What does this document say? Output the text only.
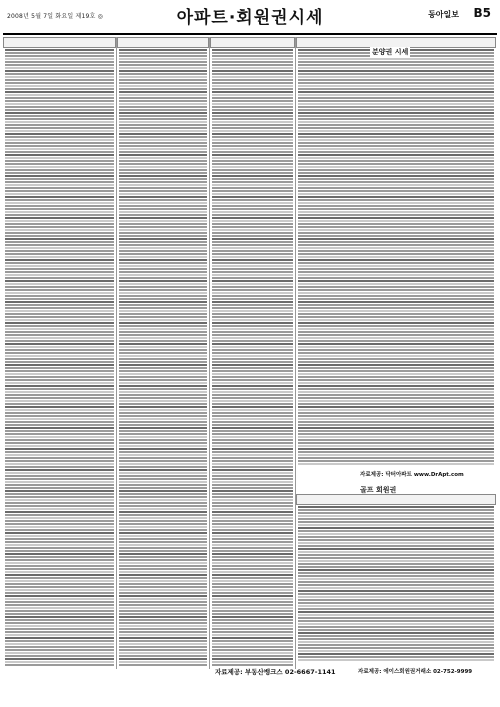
2008년 5월 7일 화요일 제19호 ◎	아파트·회원권시세	동아일보 B5
분양권 시세
골프 회원권
자료제공: 부동산뱅크스 02-6667-1141
자료제공: 닥터아파트 www.DrApt.com
자료제공: 에이스회원권거래소 02-752-9999
